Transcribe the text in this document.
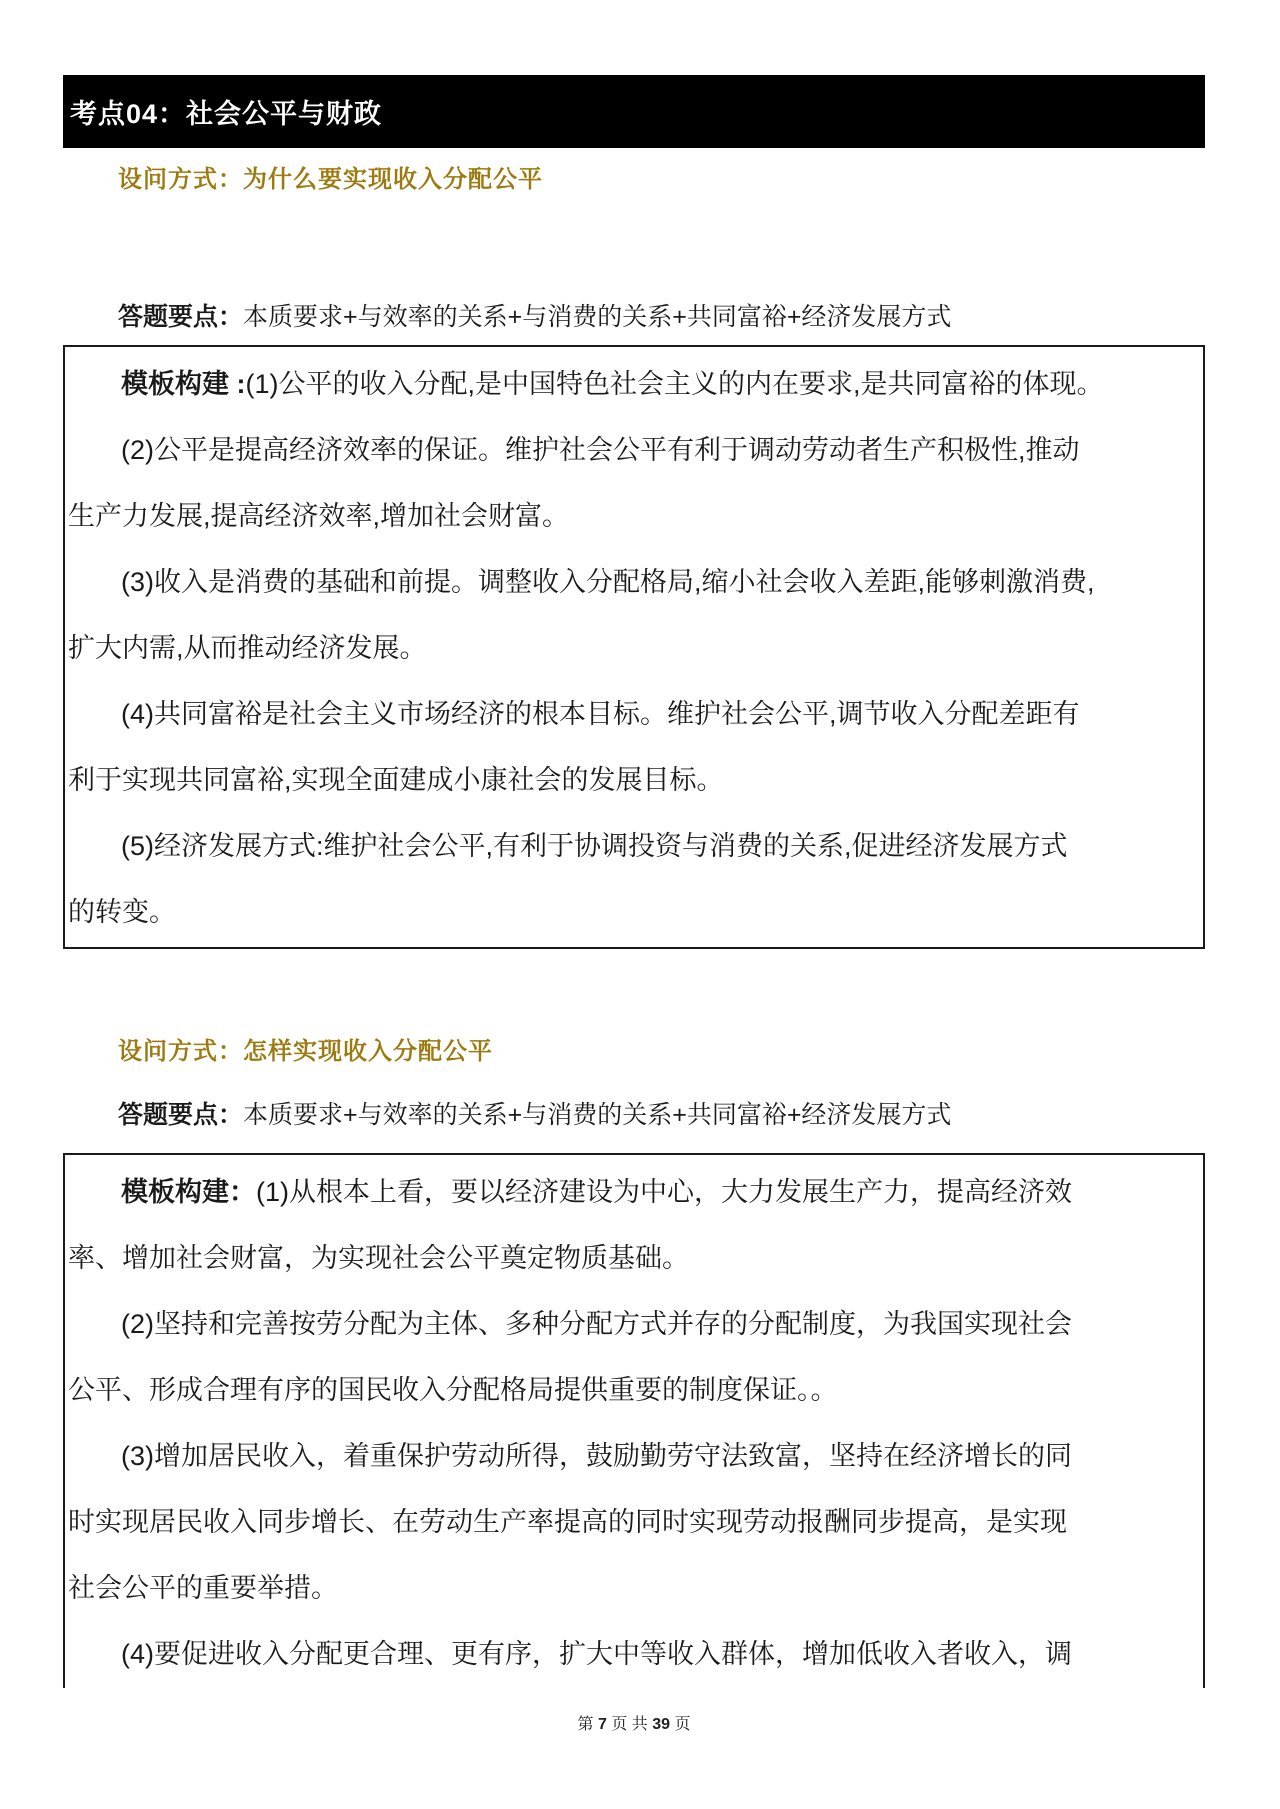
考点04：社会公平与财政
设问方式：为什么要实现收入分配公平
答题要点：本质要求+与效率的关系+与消费的关系+共同富裕+经济发展方式

模板构建 :(1)公平的收入分配,是中国特色社会主义的内在要求,是共同富裕的体现。

(2)公平是提高经济效率的保证。维护社会公平有利于调动劳动者生产积极性,推动

生产力发展,提高经济效率,增加社会财富。

(3)收入是消费的基础和前提。调整收入分配格局,缩小社会收入差距,能够刺激消费,

扩大内需,从而推动经济发展。

(4)共同富裕是社会主义市场经济的根本目标。维护社会公平,调节收入分配差距有

利于实现共同富裕,实现全面建成小康社会的发展目标。

(5)经济发展方式:维护社会公平,有利于协调投资与消费的关系,促进经济发展方式

的转变。

设问方式：怎样实现收入分配公平
答题要点：本质要求+与效率的关系+与消费的关系+共同富裕+经济发展方式

模板构建：(1)从根本上看，要以经济建设为中心，大力发展生产力，提高经济效

率、增加社会财富，为实现社会公平奠定物质基础。

(2)坚持和完善按劳分配为主体、多种分配方式并存的分配制度，为我国实现社会

公平、形成合理有序的国民收入分配格局提供重要的制度保证。。

(3)增加居民收入，着重保护劳动所得，鼓励勤劳守法致富，坚持在经济增长的同

时实现居民收入同步增长、在劳动生产率提高的同时实现劳动报酬同步提高，是实现

社会公平的重要举措。

(4)要促进收入分配更合理、更有序，扩大中等收入群体，增加低收入者收入，调

第 7 页 共 39 页
